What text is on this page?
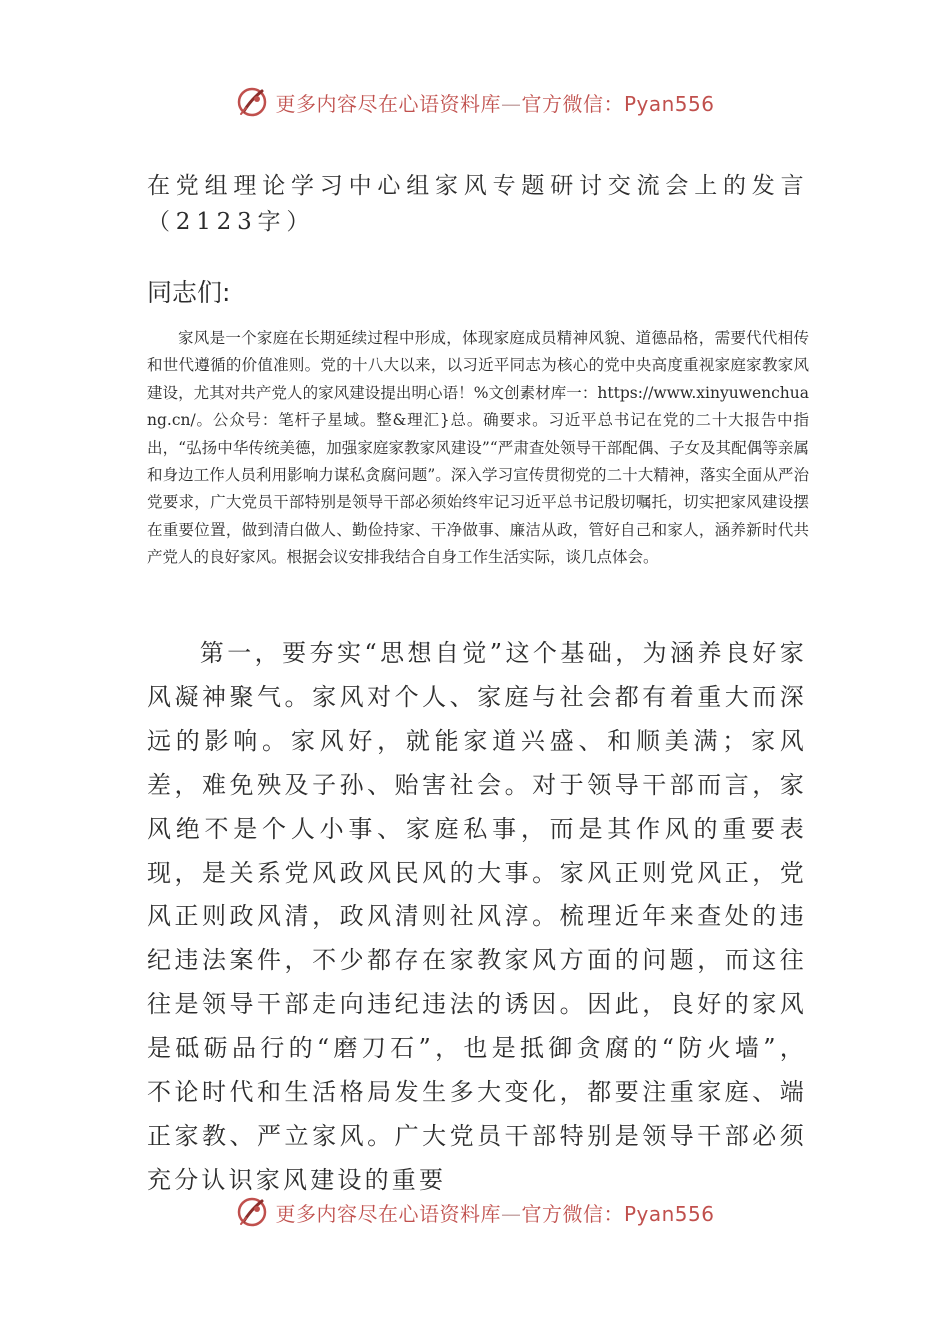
更多内容尽在心语资料库—官方微信：Pyan556
在党组理论学习中心组家风专题研讨交流会上的发言（2123字）
同志们:

家风是一个家庭在长期延续过程中形成，体现家庭成员精神风貌、道德品格，需要代代相传和世代遵循的价值准则。党的十八大以来，以习近平同志为核心的党中央高度重视家庭家教家风建设，尤其对共产党人的家风建设提出明心语！%文创素材库一：https://www.xinyuwenchuang.cn/。公众号：笔杆子星域。整&理汇}总。确要求。习近平总书记在党的二十大报告中指出，“弘扬中华传统美德，加强家庭家教家风建设”“严肃查处领导干部配偶、子女及其配偶等亲属和身边工作人员利用影响力谋私贪腐问题”。深入学习宣传贯彻党的二十大精神，落实全面从严治党要求，广大党员干部特别是领导干部必须始终牢记习近平总书记殷切嘱托，切实把家风建设摆在重要位置，做到清白做人、勤俭持家、干净做事、廉洁从政，管好自己和家人，涵养新时代共产党人的良好家风。根据会议安排我结合自身工作生活实际，谈几点体会。

第一，要夯实“思想自觉”这个基础，为涵养良好家风凝神聚气。家风对个人、家庭与社会都有着重大而深远的影响。家风好，就能家道兴盛、和顺美满；家风差，难免殃及子孙、贻害社会。对于领导干部而言，家风绝不是个人小事、家庭私事，而是其作风的重要表现，是关系党风政风民风的大事。家风正则党风正，党风正则政风清，政风清则社风淳。梳理近年来查处的违纪违法案件，不少都存在家教家风方面的问题，而这往往是领导干部走向违纪违法的诱因。因此，良好的家风是砥砺品行的“磨刀石”，也是抵御贪腐的“防火墙”，不论时代和生活格局发生多大变化，都要注重家庭、端正家教、严立家风。广大党员干部特别是领导干部必须充分认识家风建设的重要

更多内容尽在心语资料库—官方微信：Pyan556
